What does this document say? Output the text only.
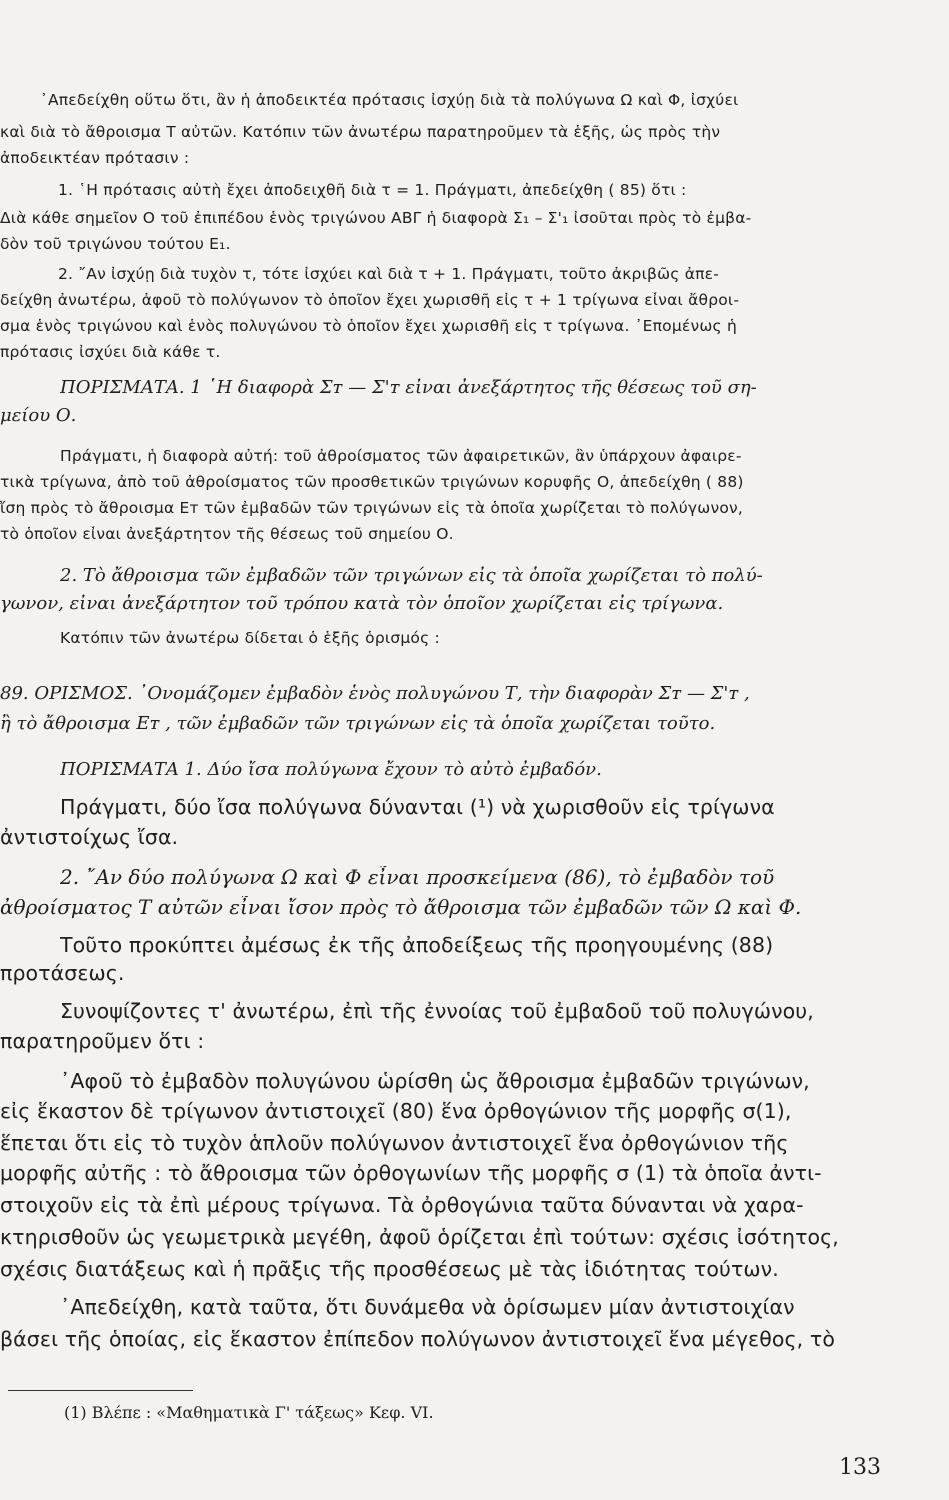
᾿Απεδείχθη οὕτω ὅτι, ἂν ἡ ἀποδεικτέα πρότασις ἰσχύῃ διὰ τὰ πολύγωνα Ω καὶ Φ, ἰσχύει
καὶ διὰ τὸ ἄθροισμα Τ αὐτῶν. Κατόπιν τῶν ἀνωτέρω παρατηροῦμεν τὰ ἑξῆς, ὡς πρὸς τὴν
ἀποδεικτέαν πρότασιν :
1. ῾Η πρότασις αὐτὴ ἔχει ἀποδειχθῆ διὰ τ = 1. Πράγματι, ἀπεδείχθη ( 85) ὅτι :
Διὰ κάθε σημεῖον Ο τοῦ ἐπιπέδου ἑνὸς τριγώνου ΑΒΓ ἡ διαφορὰ Σ₁ – Σ'₁ ἰσοῦται πρὸς τὸ ἐμβα-
δὸν τοῦ τριγώνου τούτου Ε₁.
2. ῎Αν ἰσχύῃ διὰ τυχὸν τ, τότε ἰσχύει καὶ διὰ τ + 1. Πράγματι, τοῦτο ἀκριβῶς ἀπε-
δείχθη ἀνωτέρω, ἀφοῦ τὸ πολύγωνον τὸ ὁποῖον ἔχει χωρισθῆ εἰς τ + 1 τρίγωνα εἶναι ἄθροι-
σμα ἑνὸς τριγώνου καὶ ἑνὸς πολυγώνου τὸ ὁποῖον ἔχει χωρισθῆ εἰς τ τρίγωνα. ᾿Επομένως ἡ
πρότασις ἰσχύει διὰ κάθε τ.
ΠΟΡΙΣΜΑΤΑ. 1 ῾Η διαφορὰ Σᴛ — Σ'ᴛ εἶναι ἀνεξάρτητος τῆς θέσεως τοῦ ση-
μείου Ο.
Πράγματι, ἡ διαφορὰ αὐτή: τοῦ ἀθροίσματος τῶν ἀφαιρετικῶν, ἂν ὑπάρχουν ἀφαιρε-
τικὰ τρίγωνα, ἀπὸ τοῦ ἀθροίσματος τῶν προσθετικῶν τριγώνων κορυφῆς Ο, ἀπεδείχθη ( 88)
ἴση πρὸς τὸ ἄθροισμα Εᴛ τῶν ἐμβαδῶν τῶν τριγώνων εἰς τὰ ὁποῖα χωρίζεται τὸ πολύγωνον,
τὸ ὁποῖον εἶναι ἀνεξάρτητον τῆς θέσεως τοῦ σημείου Ο.
2. Τὸ ἄθροισμα τῶν ἐμβαδῶν τῶν τριγώνων εἰς τὰ ὁποῖα χωρίζεται τὸ πολύ-
γωνον, εἶναι ἀνεξάρτητον τοῦ τρόπου κατὰ τὸν ὁποῖον χωρίζεται εἰς τρίγωνα.
Κατόπιν τῶν ἀνωτέρω δίδεται ὁ ἑξῆς ὁρισμός :
89. ΟΡΙΣΜΟΣ. ᾿Ονομάζομεν ἐμβαδὸν ἑνὸς πολυγώνου Τ, τὴν διαφορὰν Σᴛ — Σ'ᴛ ,
ἢ τὸ ἄθροισμα Εᴛ , τῶν ἐμβαδῶν τῶν τριγώνων εἰς τὰ ὁποῖα χωρίζεται τοῦτο.
ΠΟΡΙΣΜΑΤΑ 1. Δύο ἴσα πολύγωνα ἔχουν τὸ αὐτὸ ἐμβαδόν.
Πράγματι, δύο ἴσα πολύγωνα δύνανται (¹) νὰ χωρισθοῦν εἰς τρίγωνα
ἀντιστοίχως ἴσα.
2. ῎Αν δύο πολύγωνα Ω καὶ Φ εἶναι προσκείμενα (86), τὸ ἐμβαδὸν τοῦ
ἀθροίσματος Τ αὐτῶν εἶναι ἴσον πρὸς τὸ ἄθροισμα τῶν ἐμβαδῶν τῶν Ω καὶ Φ.
Τοῦτο προκύπτει ἀμέσως ἐκ τῆς ἀποδείξεως τῆς προηγουμένης (88)
προτάσεως.
Συνοψίζοντες τ' ἀνωτέρω, ἐπὶ τῆς ἐννοίας τοῦ ἐμβαδοῦ τοῦ πολυγώνου,
παρατηροῦμεν ὅτι :
᾿Αφοῦ τὸ ἐμβαδὸν πολυγώνου ὡρίσθη ὡς ἄθροισμα ἐμβαδῶν τριγώνων,
εἰς ἕκαστον δὲ τρίγωνον ἀντιστοιχεῖ (80) ἕνα ὀρθογώνιον τῆς μορφῆς σ(1),
ἕπεται ὅτι εἰς τὸ τυχὸν ἁπλοῦν πολύγωνον ἀντιστοιχεῖ ἕνα ὀρθογώνιον τῆς
μορφῆς αὐτῆς : τὸ ἄθροισμα τῶν ὀρθογωνίων τῆς μορφῆς σ (1) τὰ ὁποῖα ἀντι-
στοιχοῦν εἰς τὰ ἐπὶ μέρους τρίγωνα. Τὰ ὀρθογώνια ταῦτα δύνανται νὰ χαρα-
κτηρισθοῦν ὡς γεωμετρικὰ μεγέθη, ἀφοῦ ὁρίζεται ἐπὶ τούτων: σχέσις ἰσότητος,
σχέσις διατάξεως καὶ ἡ πρᾶξις τῆς προσθέσεως μὲ τὰς ἰδιότητας τούτων.
᾿Απεδείχθη, κατὰ ταῦτα, ὅτι δυνάμεθα νὰ ὁρίσωμεν μίαν ἀντιστοιχίαν
βάσει τῆς ὁποίας, εἰς ἕκαστον ἐπίπεδον πολύγωνον ἀντιστοιχεῖ ἕνα μέγεθος, τὸ
(1) Βλέπε : «Μαθηματικὰ Γ' τάξεως» Κεφ. VI.
133
